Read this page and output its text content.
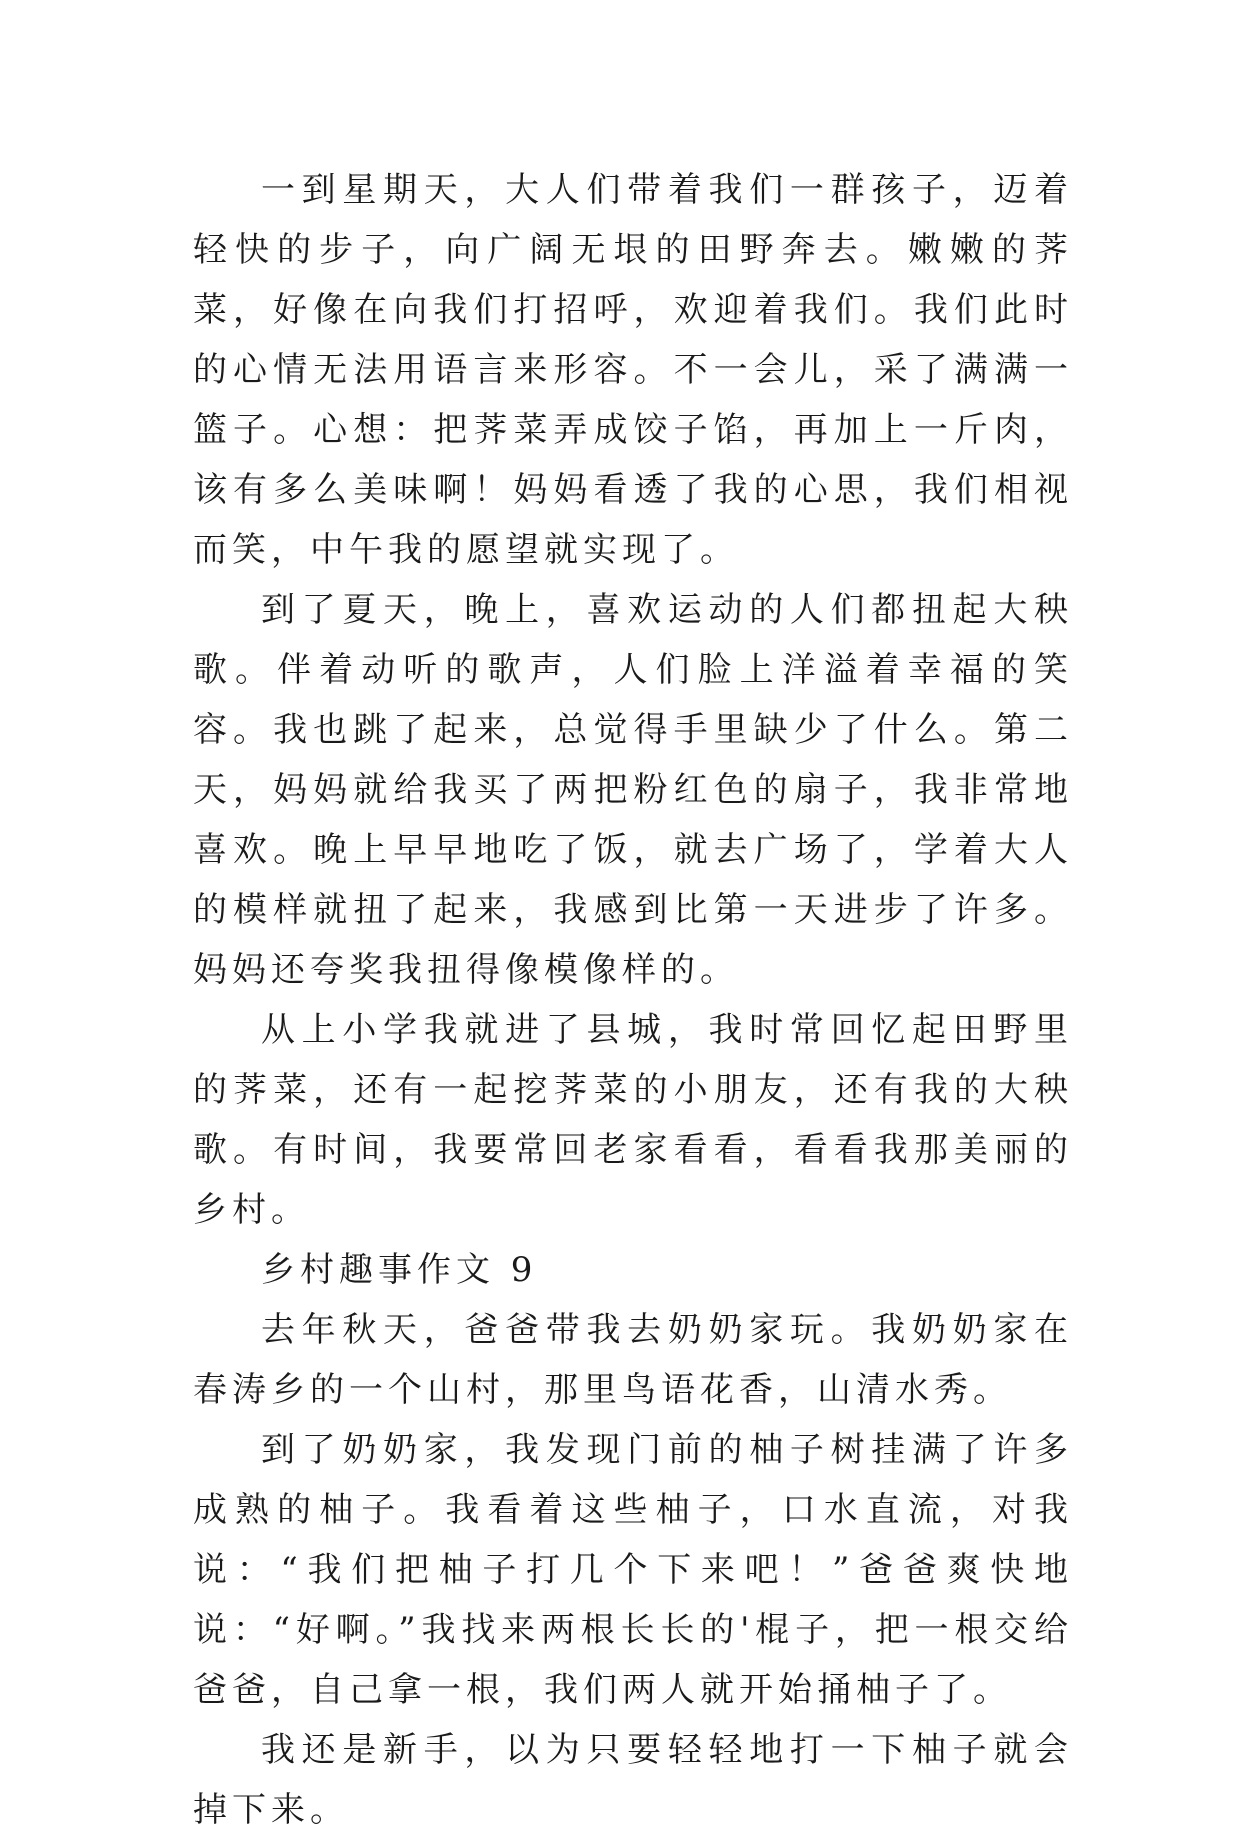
一到星期天，大人们带着我们一群孩子，迈着轻快的步子，向广阔无垠的田野奔去。嫩嫩的荠菜，好像在向我们打招呼，欢迎着我们。我们此时的心情无法用语言来形容。不一会儿，采了满满一篮子。心想：把荠菜弄成饺子馅，再加上一斤肉，该有多么美味啊！妈妈看透了我的心思，我们相视而笑，中午我的愿望就实现了。

到了夏天，晚上，喜欢运动的人们都扭起大秧歌。伴着动听的歌声，人们脸上洋溢着幸福的笑容。我也跳了起来，总觉得手里缺少了什么。第二天，妈妈就给我买了两把粉红色的扇子，我非常地喜欢。晚上早早地吃了饭，就去广场了，学着大人的模样就扭了起来，我感到比第一天进步了许多。妈妈还夸奖我扭得像模像样的。

从上小学我就进了县城，我时常回忆起田野里的荠菜，还有一起挖荠菜的小朋友，还有我的大秧歌。有时间，我要常回老家看看，看看我那美丽的乡村。

乡村趣事作文 9

去年秋天，爸爸带我去奶奶家玩。我奶奶家在春涛乡的一个山村，那里鸟语花香，山清水秀。

到了奶奶家，我发现门前的柚子树挂满了许多成熟的柚子。我看着这些柚子，口水直流，对我说：“我们把柚子打几个下来吧！”爸爸爽快地说：“好啊。”我找来两根长长的'棍子，把一根交给爸爸，自己拿一根，我们两人就开始捅柚子了。

我还是新手，以为只要轻轻地打一下柚子就会掉下来。
